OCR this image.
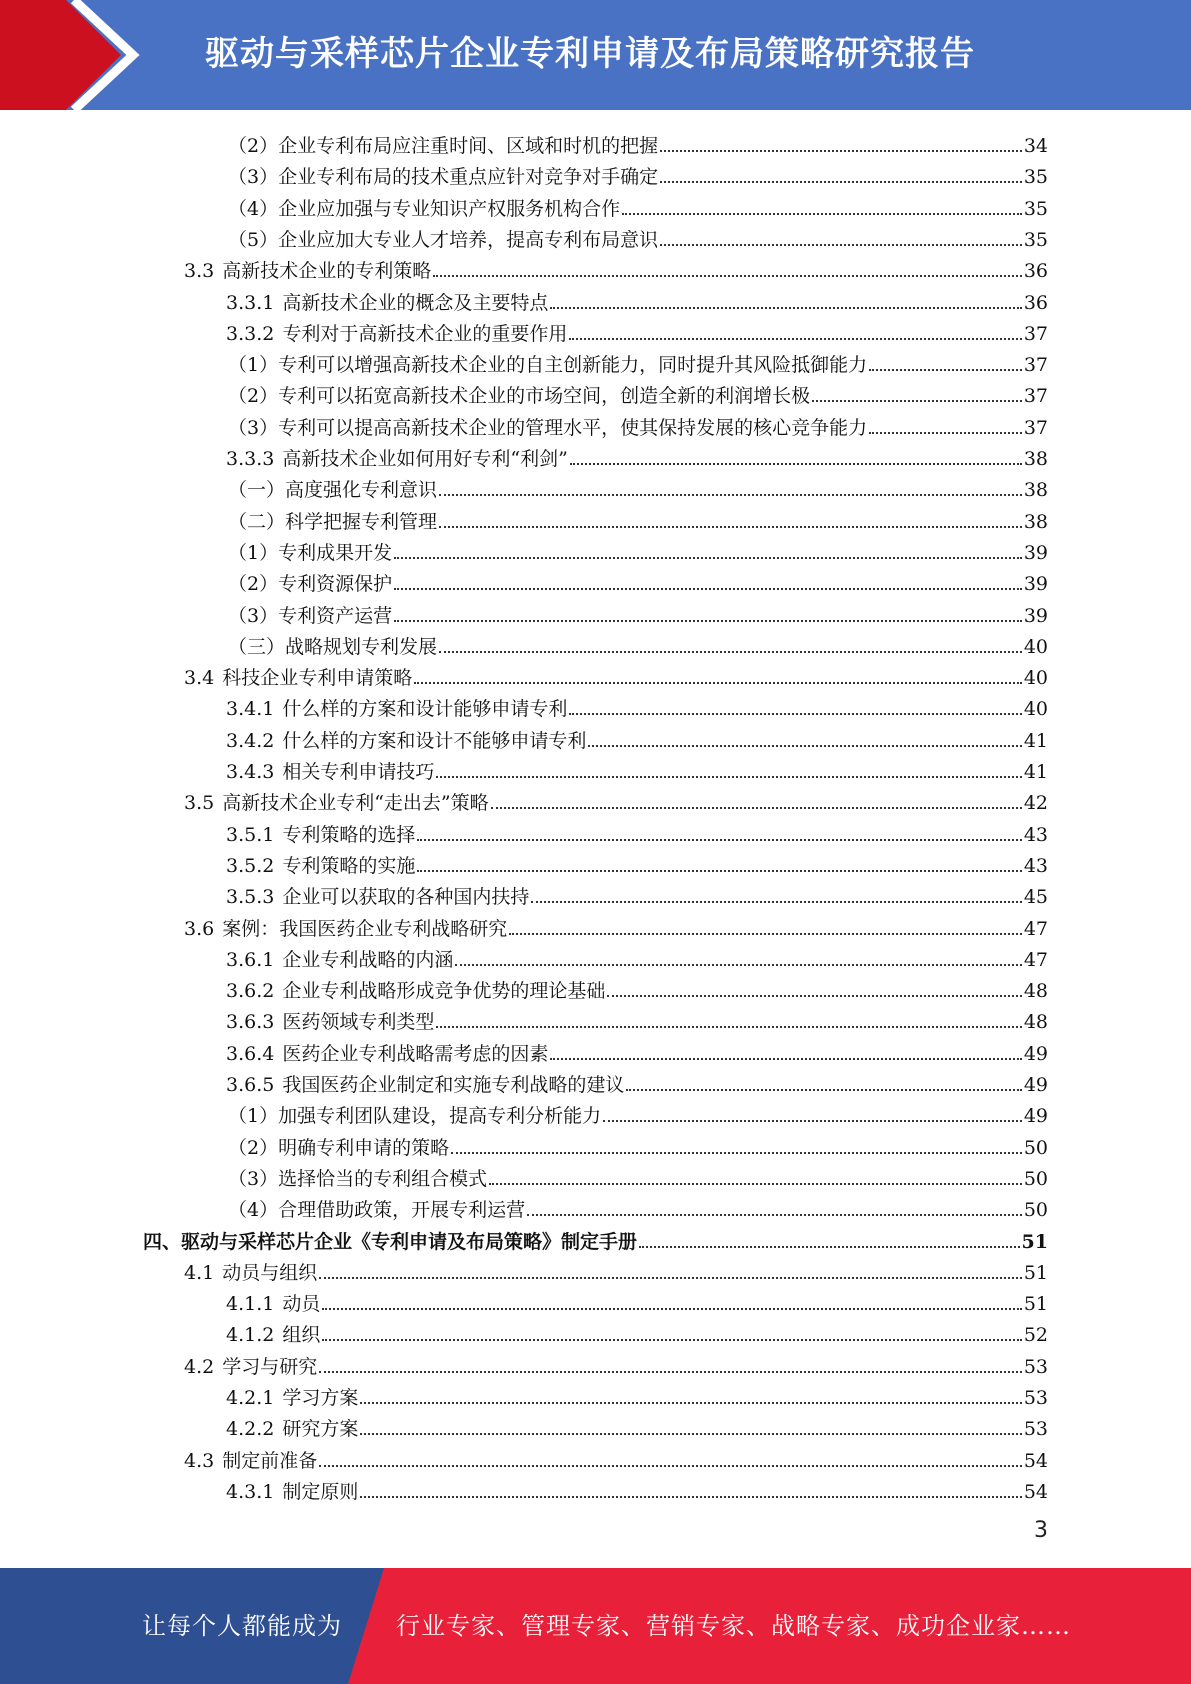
驱动与采样芯片企业专利申请及布局策略研究报告
（2）企业专利布局应注重时间、区域和时机的把握	34
（3）企业专利布局的技术重点应针对竞争对手确定	35
（4）企业应加强与专业知识产权服务机构合作	35
（5）企业应加大专业人才培养，提高专利布局意识	35
3.3 高新技术企业的专利策略	36
3.3.1 高新技术企业的概念及主要特点	36
3.3.2 专利对于高新技术企业的重要作用	37
（1）专利可以增强高新技术企业的自主创新能力，同时提升其风险抵御能力	37
（2）专利可以拓宽高新技术企业的市场空间，创造全新的利润增长极	37
（3）专利可以提高高新技术企业的管理水平，使其保持发展的核心竞争能力	37
3.3.3 高新技术企业如何用好专利“利剑”	38
（一）高度强化专利意识	38
（二）科学把握专利管理	38
（1）专利成果开发	39
（2）专利资源保护	39
（3）专利资产运营	39
（三）战略规划专利发展	40
3.4 科技企业专利申请策略	40
3.4.1 什么样的方案和设计能够申请专利	40
3.4.2 什么样的方案和设计不能够申请专利	41
3.4.3 相关专利申请技巧	41
3.5 高新技术企业专利“走出去”策略	42
3.5.1 专利策略的选择	43
3.5.2 专利策略的实施	43
3.5.3 企业可以获取的各种国内扶持	45
3.6 案例：我国医药企业专利战略研究	47
3.6.1 企业专利战略的内涵	47
3.6.2 企业专利战略形成竞争优势的理论基础	48
3.6.3 医药领域专利类型	48
3.6.4 医药企业专利战略需考虑的因素	49
3.6.5 我国医药企业制定和实施专利战略的建议	49
（1）加强专利团队建设，提高专利分析能力	49
（2）明确专利申请的策略	50
（3）选择恰当的专利组合模式	50
（4）合理借助政策，开展专利运营	50
四、驱动与采样芯片企业《专利申请及布局策略》制定手册	51
4.1 动员与组织	51
4.1.1 动员	51
4.1.2 组织	52
4.2 学习与研究	53
4.2.1 学习方案	53
4.2.2 研究方案	53
4.3 制定前准备	54
4.3.1 制定原则	54
3
让每个人都能成为 行业专家、管理专家、营销专家、战略专家、成功企业家……
